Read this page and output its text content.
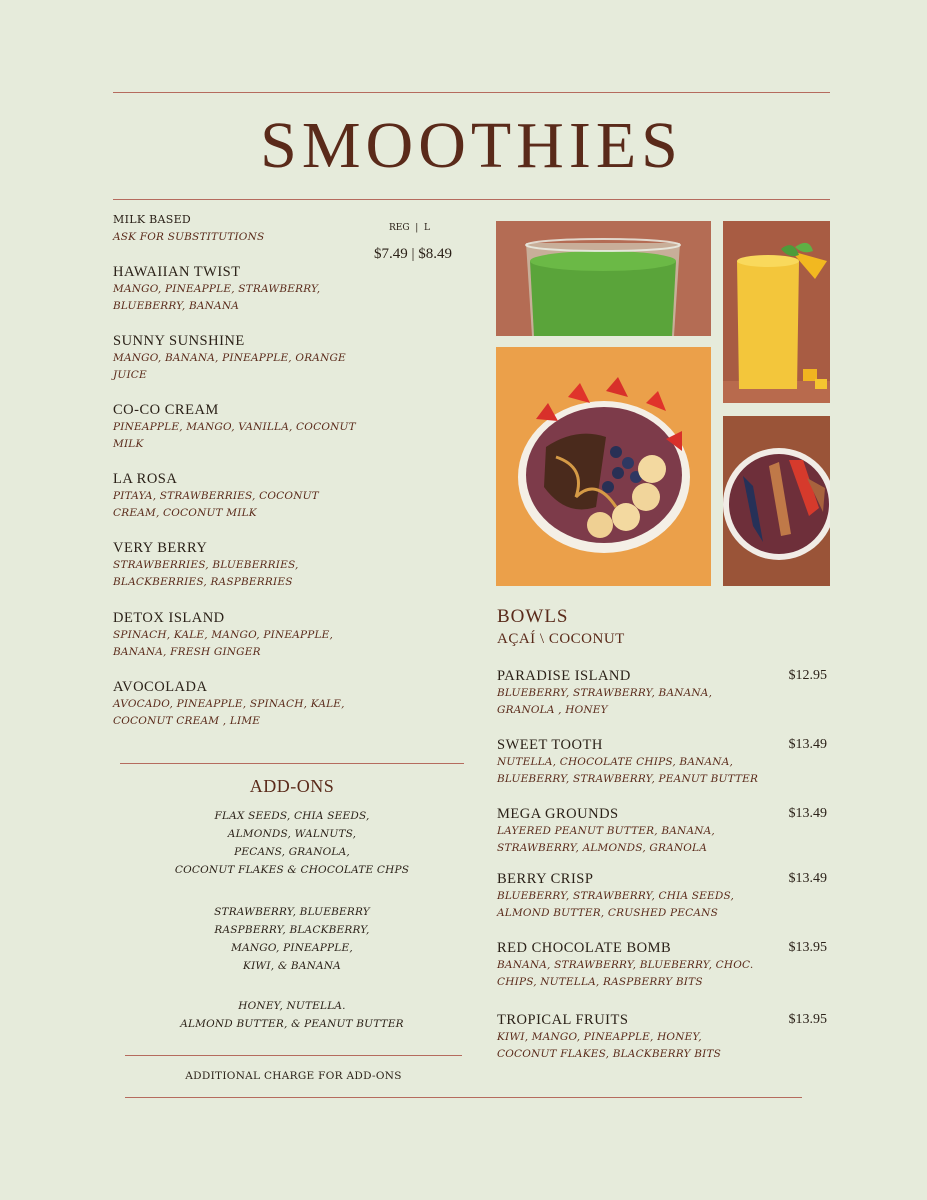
SMOOTHIES
MILK BASED
ASK FOR SUBSTITUTIONS
REG  |  L
$7.49 | $8.49
HAWAIIAN TWIST
MANGO, PINEAPPLE, STRAWBERRY, BLUEBERRY, BANANA
SUNNY SUNSHINE
MANGO, BANANA, PINEAPPLE, ORANGE JUICE
CO-CO CREAM
PINEAPPLE, MANGO, VANILLA, COCONUT MILK
LA ROSA
PITAYA, STRAWBERRIES, COCONUT CREAM, COCONUT MILK
VERY BERRY
STRAWBERRIES, BLUEBERRIES, BLACKBERRIES, RASPBERRIES
DETOX ISLAND
SPINACH, KALE, MANGO, PINEAPPLE, BANANA, FRESH GINGER
AVOCOLADA
AVOCADO, PINEAPPLE, SPINACH, KALE, COCONUT CREAM , LIME
ADD-ONS
FLAX SEEDS, CHIA SEEDS,
ALMONDS, WALNUTS,
PECANS, GRANOLA,
COCONUT FLAKES & CHOCOLATE CHPS
STRAWBERRY, BLUEBERRY
RASPBERRY, BLACKBERRY,
MANGO, PINEAPPLE,
KIWI, & BANANA
HONEY, NUTELLA.
ALMOND BUTTER, & PEANUT BUTTER
ADDITIONAL CHARGE FOR ADD-ONS
BOWLS
AÇAÍ \ COCONUT
PARADISE ISLAND	$12.95
BLUEBERRY, STRAWBERRY, BANANA, GRANOLA , HONEY
SWEET TOOTH	$13.49
NUTELLA, CHOCOLATE CHIPS, BANANA, BLUEBERRY, STRAWBERRY, PEANUT BUTTER
MEGA GROUNDS	$13.49
LAYERED PEANUT BUTTER, BANANA, STRAWBERRY, ALMONDS, GRANOLA
BERRY CRISP	$13.49
BLUEBERRY, STRAWBERRY, CHIA SEEDS, ALMOND BUTTER, CRUSHED PECANS
RED CHOCOLATE BOMB	$13.95
BANANA, STRAWBERRY, BLUEBERRY, CHOC. CHIPS, NUTELLA, RASPBERRY BITS
TROPICAL FRUITS	$13.95
KIWI, MANGO, PINEAPPLE, HONEY, COCONUT FLAKES, BLACKBERRY BITS
